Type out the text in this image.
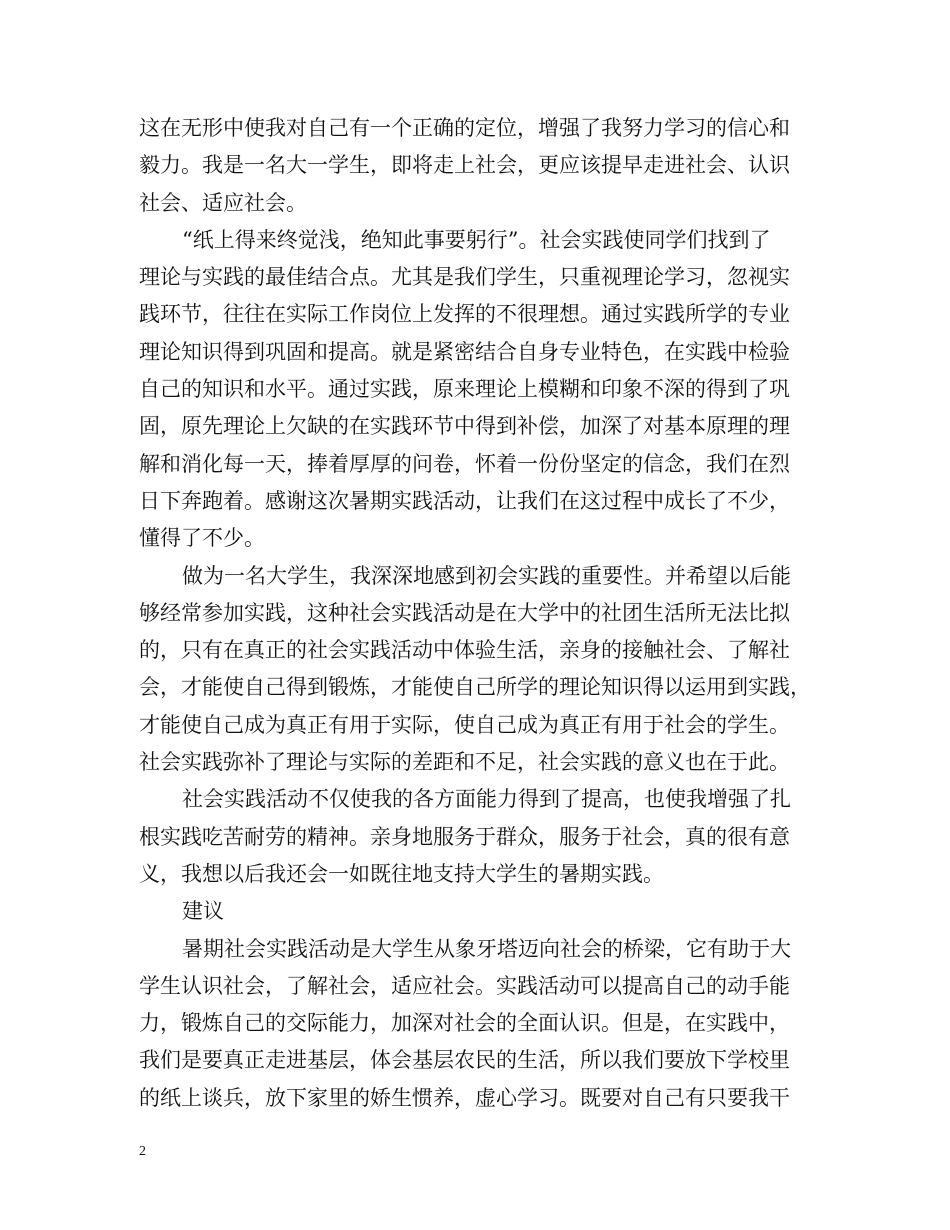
这在无形中使我对自己有一个正确的定位，增强了我努力学习的信心和
毅力。我是一名大一学生，即将走上社会，更应该提早走进社会、认识
社会、适应社会。
“纸上得来终觉浅，绝知此事要躬行”。社会实践使同学们找到了
理论与实践的最佳结合点。尤其是我们学生，只重视理论学习，忽视实
践环节，往往在实际工作岗位上发挥的不很理想。通过实践所学的专业
理论知识得到巩固和提高。就是紧密结合自身专业特色，在实践中检验
自己的知识和水平。通过实践，原来理论上模糊和印象不深的得到了巩
固，原先理论上欠缺的在实践环节中得到补偿，加深了对基本原理的理
解和消化每一天，捧着厚厚的问卷，怀着一份份坚定的信念，我们在烈
日下奔跑着。感谢这次暑期实践活动，让我们在这过程中成长了不少，
懂得了不少。
做为一名大学生，我深深地感到初会实践的重要性。并希望以后能
够经常参加实践，这种社会实践活动是在大学中的社团生活所无法比拟
的，只有在真正的社会实践活动中体验生活，亲身的接触社会、了解社
会，才能使自己得到锻炼，才能使自己所学的理论知识得以运用到实践，
才能使自己成为真正有用于实际，使自己成为真正有用于社会的学生。
社会实践弥补了理论与实际的差距和不足，社会实践的意义也在于此。
社会实践活动不仅使我的各方面能力得到了提高，也使我增强了扎
根实践吃苦耐劳的精神。亲身地服务于群众，服务于社会，真的很有意
义，我想以后我还会一如既往地支持大学生的暑期实践。
建议
暑期社会实践活动是大学生从象牙塔迈向社会的桥梁，它有助于大
学生认识社会，了解社会，适应社会。实践活动可以提高自己的动手能
力，锻炼自己的交际能力，加深对社会的全面认识。但是，在实践中，
我们是要真正走进基层，体会基层农民的生活，所以我们要放下学校里
的纸上谈兵，放下家里的娇生惯养，虚心学习。既要对自己有只要我干
2
